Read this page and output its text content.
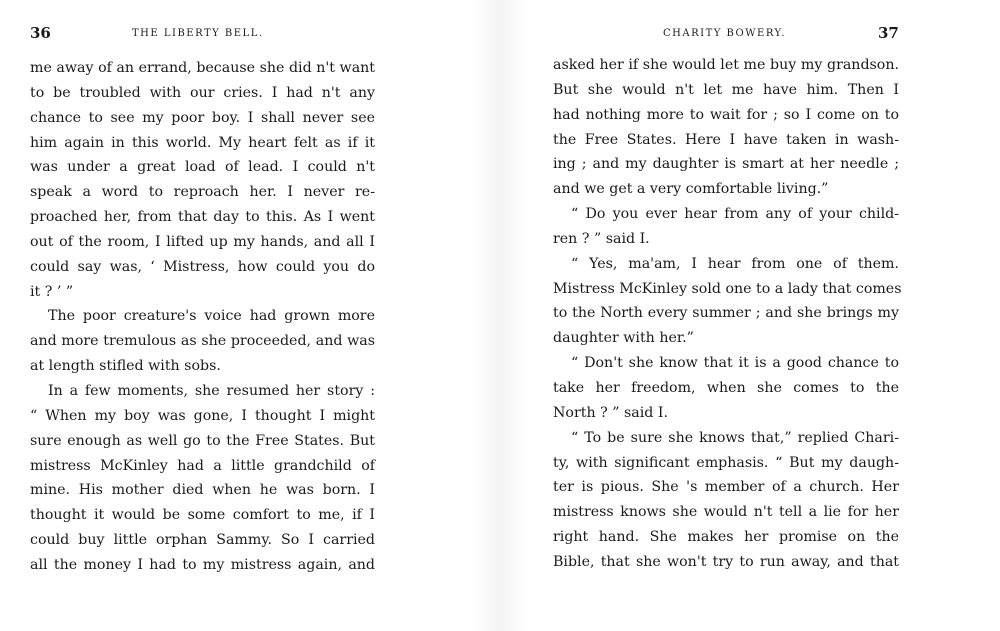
36	THE LIBERTY BELL.
me away of an errand, because she did n't want
to be troubled with our cries. I had n't any
chance to see my poor boy. I shall never see
him again in this world. My heart felt as if it
was under a great load of lead. I could n't
speak a word to reproach her. I never re-
proached her, from that day to this. As I went
out of the room, I lifted up my hands, and all I
could say was, ‘ Mistress, how could you do
it ? ’ ”
The poor creature's voice had grown more
and more tremulous as she proceeded, and was
at length stifled with sobs.
In a few moments, she resumed her story :
“ When my boy was gone, I thought I might
sure enough as well go to the Free States. But
mistress McKinley had a little grandchild of
mine. His mother died when he was born. I
thought it would be some comfort to me, if I
could buy little orphan Sammy. So I carried
all the money I had to my mistress again, and
CHARITY BOWERY.	37
asked her if she would let me buy my grandson.
But she would n't let me have him. Then I
had nothing more to wait for ; so I come on to
the Free States. Here I have taken in wash-
ing ; and my daughter is smart at her needle ;
and we get a very comfortable living.”
“ Do you ever hear from any of your child-
ren ? ” said I.
“ Yes, ma'am, I hear from one of them.
Mistress McKinley sold one to a lady that comes
to the North every summer ; and she brings my
daughter with her.”
“ Don't she know that it is a good chance to
take her freedom, when she comes to the
North ? ” said I.
“ To be sure she knows that,” replied Chari-
ty, with significant emphasis. “ But my daugh-
ter is pious. She 's member of a church. Her
mistress knows she would n't tell a lie for her
right hand. She makes her promise on the
Bible, that she won't try to run away, and that
